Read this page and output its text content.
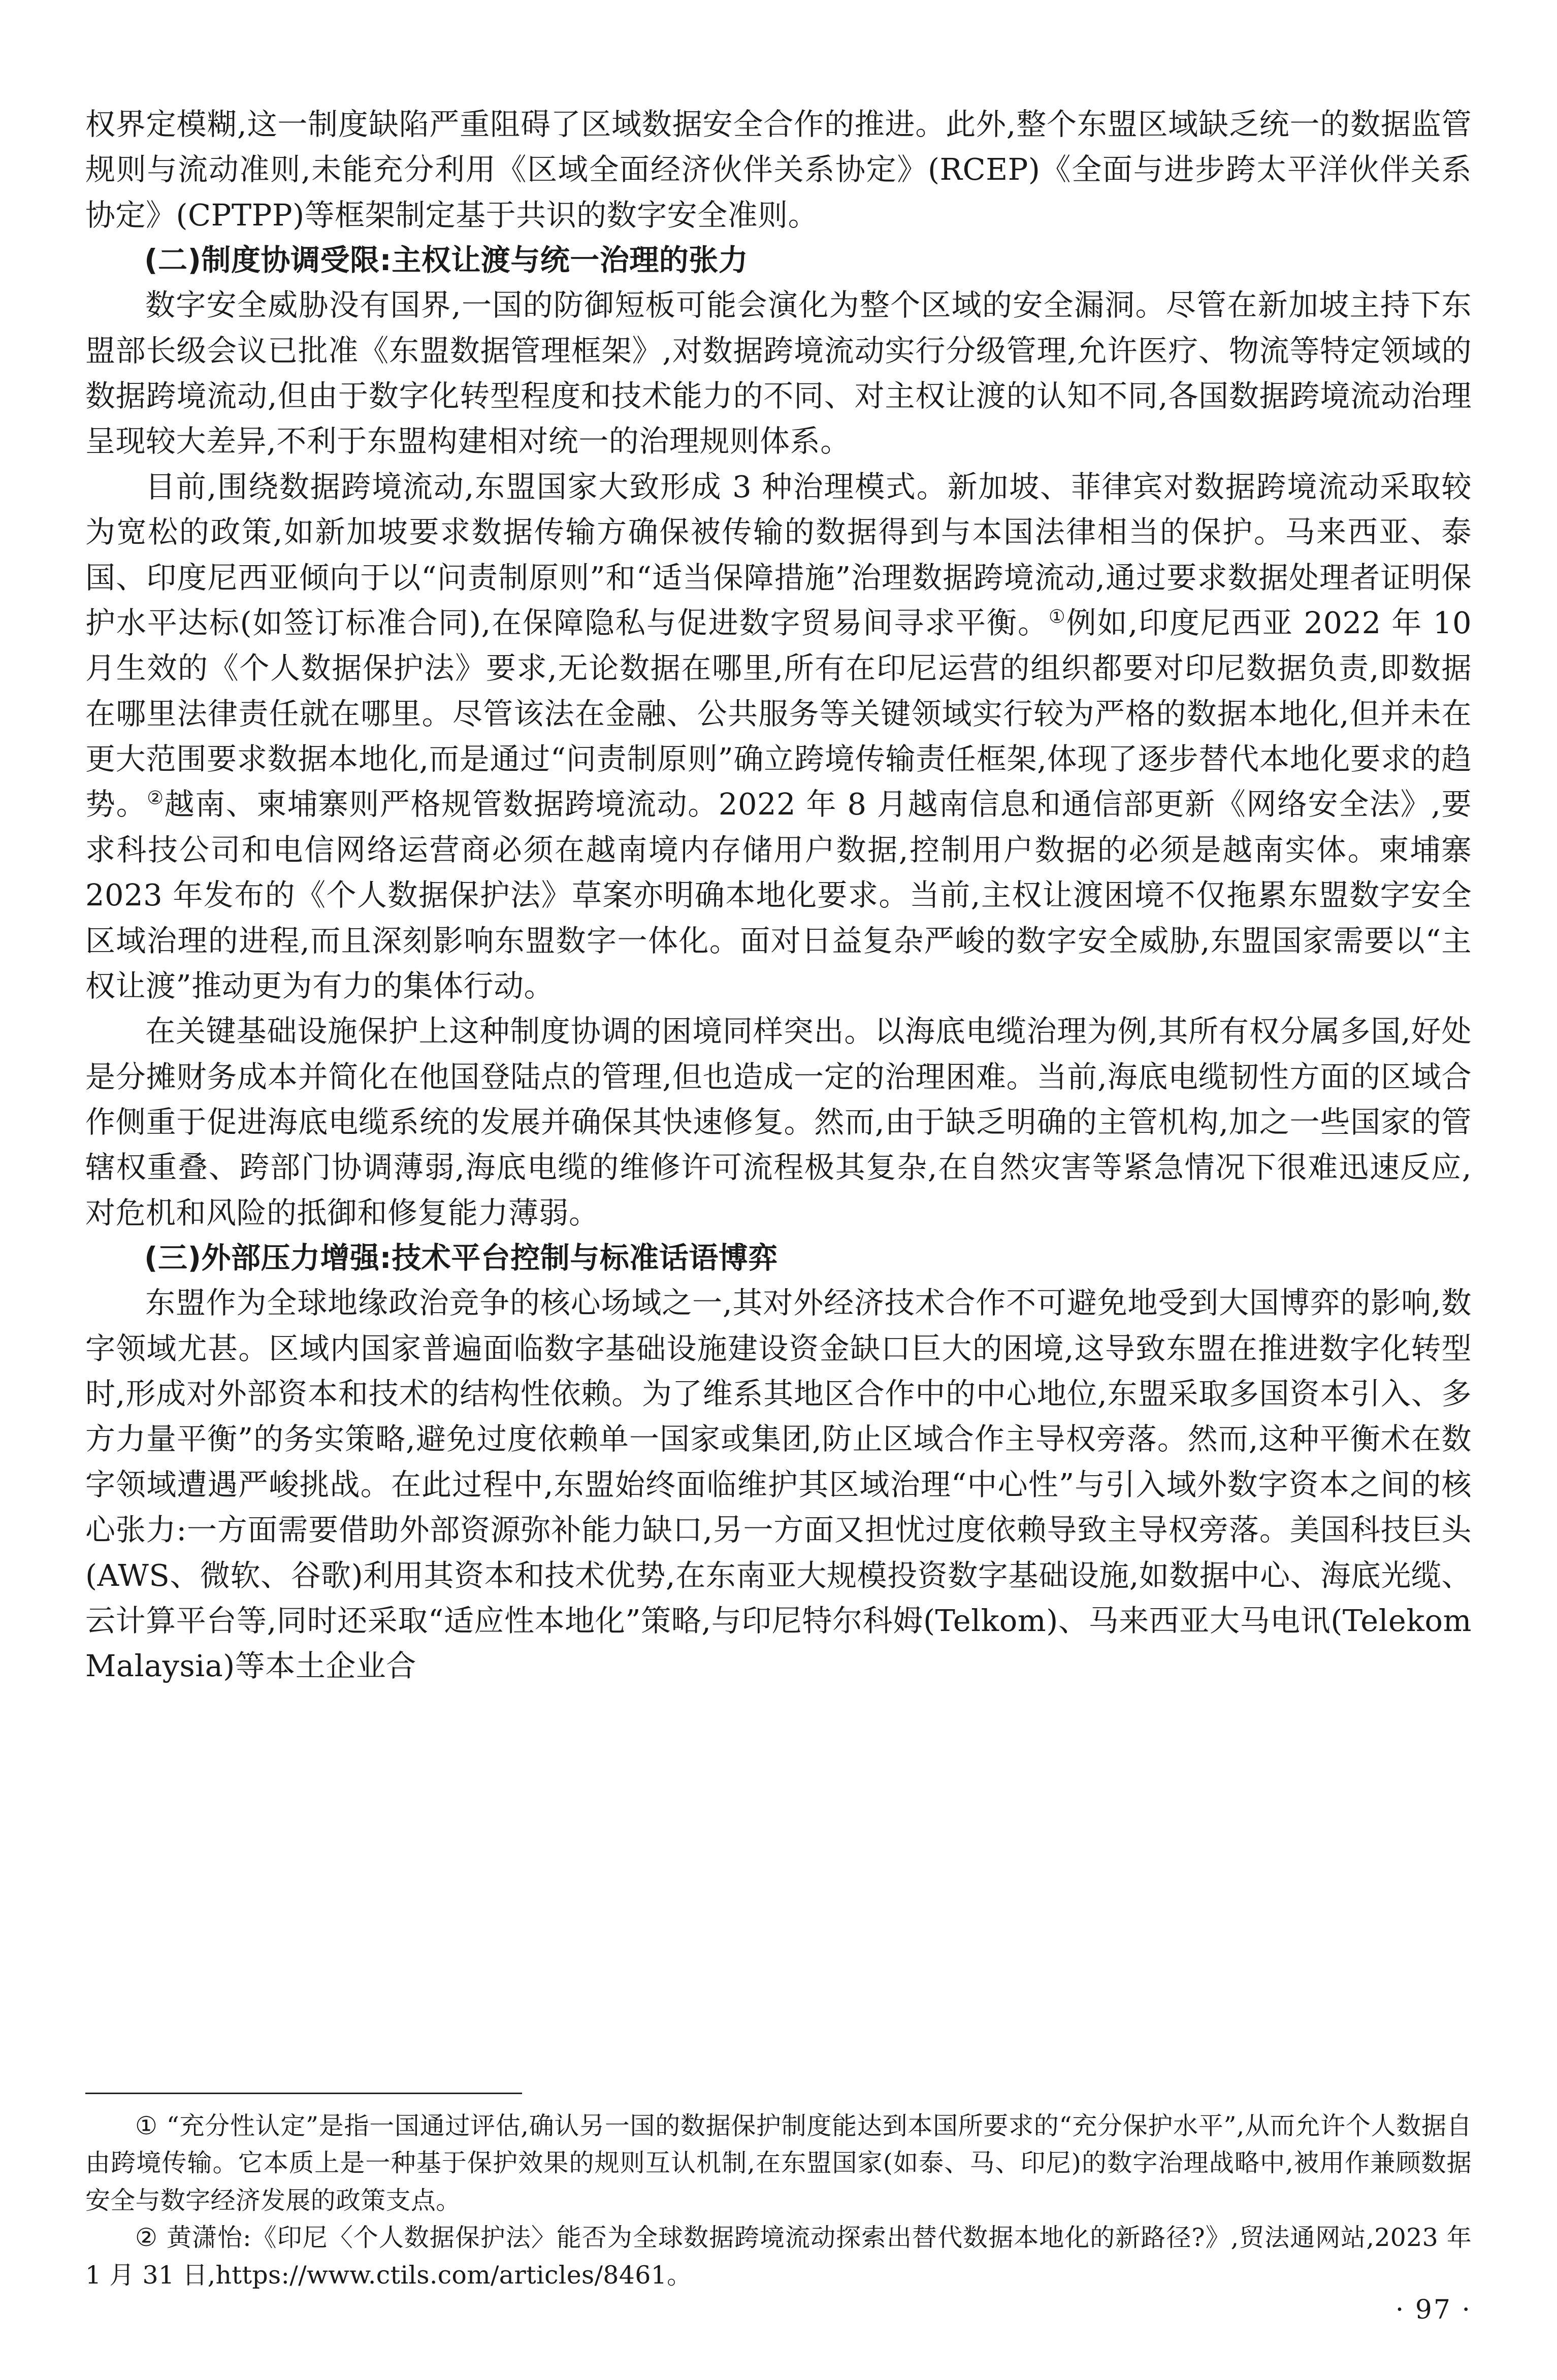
权界定模糊,这一制度缺陷严重阻碍了区域数据安全合作的推进。此外,整个东盟区域缺乏统一的数据监管规则与流动准则,未能充分利用《区域全面经济伙伴关系协定》(RCEP)《全面与进步跨太平洋伙伴关系协定》(CPTPP)等框架制定基于共识的数字安全准则。

(二)制度协调受限:主权让渡与统一治理的张力

数字安全威胁没有国界,一国的防御短板可能会演化为整个区域的安全漏洞。尽管在新加坡主持下东盟部长级会议已批准《东盟数据管理框架》,对数据跨境流动实行分级管理,允许医疗、物流等特定领域的数据跨境流动,但由于数字化转型程度和技术能力的不同、对主权让渡的认知不同,各国数据跨境流动治理呈现较大差异,不利于东盟构建相对统一的治理规则体系。

目前,围绕数据跨境流动,东盟国家大致形成 3 种治理模式。新加坡、菲律宾对数据跨境流动采取较为宽松的政策,如新加坡要求数据传输方确保被传输的数据得到与本国法律相当的保护。马来西亚、泰国、印度尼西亚倾向于以“问责制原则”和“适当保障措施”治理数据跨境流动,通过要求数据处理者证明保护水平达标(如签订标准合同),在保障隐私与促进数字贸易间寻求平衡。①例如,印度尼西亚 2022 年 10 月生效的《个人数据保护法》要求,无论数据在哪里,所有在印尼运营的组织都要对印尼数据负责,即数据在哪里法律责任就在哪里。尽管该法在金融、公共服务等关键领域实行较为严格的数据本地化,但并未在更大范围要求数据本地化,而是通过“问责制原则”确立跨境传输责任框架,体现了逐步替代本地化要求的趋势。②越南、柬埔寨则严格规管数据跨境流动。2022 年 8 月越南信息和通信部更新《网络安全法》,要求科技公司和电信网络运营商必须在越南境内存储用户数据,控制用户数据的必须是越南实体。柬埔寨 2023 年发布的《个人数据保护法》草案亦明确本地化要求。当前,主权让渡困境不仅拖累东盟数字安全区域治理的进程,而且深刻影响东盟数字一体化。面对日益复杂严峻的数字安全威胁,东盟国家需要以“主权让渡”推动更为有力的集体行动。

在关键基础设施保护上这种制度协调的困境同样突出。以海底电缆治理为例,其所有权分属多国,好处是分摊财务成本并简化在他国登陆点的管理,但也造成一定的治理困难。当前,海底电缆韧性方面的区域合作侧重于促进海底电缆系统的发展并确保其快速修复。然而,由于缺乏明确的主管机构,加之一些国家的管辖权重叠、跨部门协调薄弱,海底电缆的维修许可流程极其复杂,在自然灾害等紧急情况下很难迅速反应,对危机和风险的抵御和修复能力薄弱。

(三)外部压力增强:技术平台控制与标准话语博弈

东盟作为全球地缘政治竞争的核心场域之一,其对外经济技术合作不可避免地受到大国博弈的影响,数字领域尤甚。区域内国家普遍面临数字基础设施建设资金缺口巨大的困境,这导致东盟在推进数字化转型时,形成对外部资本和技术的结构性依赖。为了维系其地区合作中的中心地位,东盟采取多国资本引入、多方力量平衡”的务实策略,避免过度依赖单一国家或集团,防止区域合作主导权旁落。然而,这种平衡术在数字领域遭遇严峻挑战。在此过程中,东盟始终面临维护其区域治理“中心性”与引入域外数字资本之间的核心张力:一方面需要借助外部资源弥补能力缺口,另一方面又担忧过度依赖导致主导权旁落。美国科技巨头(AWS、微软、谷歌)利用其资本和技术优势,在东南亚大规模投资数字基础设施,如数据中心、海底光缆、云计算平台等,同时还采取“适应性本地化”策略,与印尼特尔科姆(Telkom)、马来西亚大马电讯(Telekom Malaysia)等本土企业合

① “充分性认定”是指一国通过评估,确认另一国的数据保护制度能达到本国所要求的“充分保护水平”,从而允许个人数据自由跨境传输。它本质上是一种基于保护效果的规则互认机制,在东盟国家(如泰、马、印尼)的数字治理战略中,被用作兼顾数据安全与数字经济发展的政策支点。

② 黄潇怡:《印尼〈个人数据保护法〉能否为全球数据跨境流动探索出替代数据本地化的新路径?》,贸法通网站,2023 年 1 月 31 日,https://www.ctils.com/articles/8461。

· 97 ·
